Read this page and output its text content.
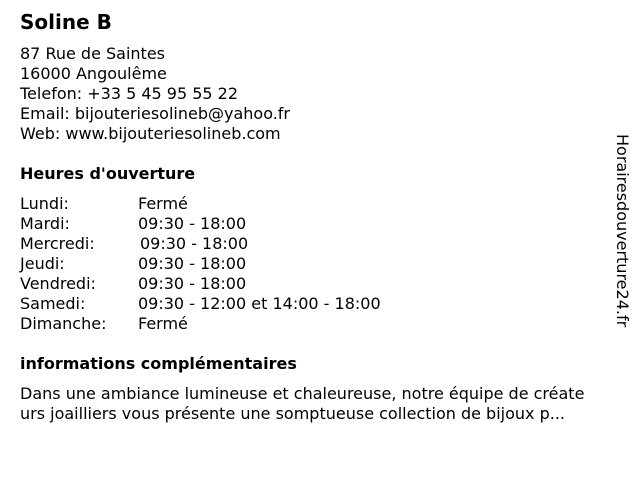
Soline B
87 Rue de Saintes
16000 Angoulême
Telefon: +33 5 45 95 55 22
Email: bijouteriesolineb@yahoo.fr
Web: www.bijouteriesolineb.com
Heures d'ouverture
Lundi:	Fermé
Mardi:	09:30 - 18:00
Mercredi:	09:30 - 18:00
Jeudi:	09:30 - 18:00
Vendredi:	09:30 - 18:00
Samedi:	09:30 - 12:00 et 14:00 - 18:00
Dimanche: Fermé
informations complémentaires
Dans une ambiance lumineuse et chaleureuse, notre équipe de créate
urs joailliers vous présente une somptueuse collection de bijoux p...
Horairesdouverture24.fr
